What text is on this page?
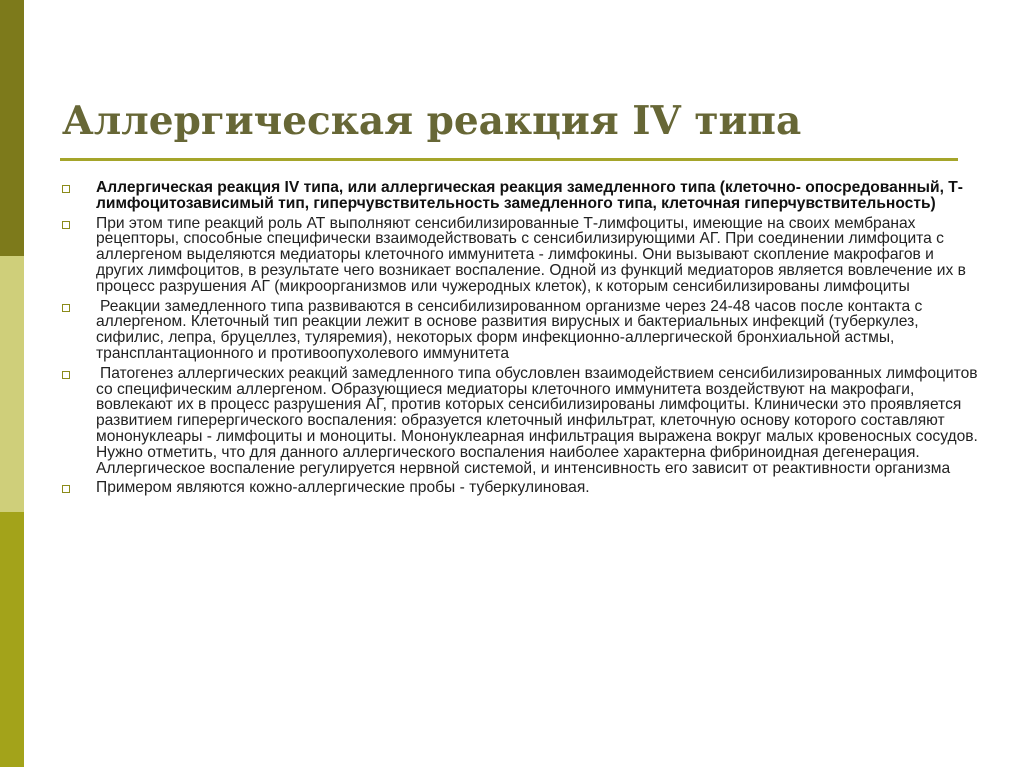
Аллергическая реакция IV типа
Аллергическая реакция IV типа, или аллергическая реакция замедленного типа (клеточно- опосредованный, Т- лимфоцитозависимый тип, гиперчувствительность замедленного типа, клеточная гиперчувствительность)
При этом типе реакций роль АТ выполняют сенсибилизированные Т-лимфоциты, имеющие на своих мембранах рецепторы, способные специфически взаимодействовать с сенсибилизирующими АГ. При соединении лимфоцита с аллергеном выделяются медиаторы клеточного иммунитета - лимфокины. Они вызывают скопление макрофагов и других лимфоцитов, в результате чего возникает воспаление. Одной из функций медиаторов является вовлечение их в процесс разрушения АГ (микроорганизмов или чужеродных клеток), к которым сенсибилизированы лимфоциты
Реакции замедленного типа развиваются в сенсибилизированном организме через 24-48 часов после контакта с аллергеном. Клеточный тип реакции лежит в основе развития вирусных и бактериальных инфекций (туберкулез, сифилис, лепра, бруцеллез, туляремия), некоторых форм инфекционно-аллергической бронхиальной астмы, трансплантационного и противоопухолевого иммунитета
Патогенез аллергических реакций замедленного типа обусловлен взаимодействием сенсибилизированных лимфоцитов со специфическим аллергеном. Образующиеся медиаторы клеточного иммунитета воздействуют на макрофаги, вовлекают их в процесс разрушения АГ, против которых сенсибилизированы лимфоциты. Клинически это проявляется развитием гиперергического воспаления: образуется клеточный инфильтрат, клеточную основу которого составляют мононуклеары - лимфоциты и моноциты. Мононуклеарная инфильтрация выражена вокруг малых кровеносных сосудов. Нужно отметить, что для данного аллергического воспаления наиболее характерна фибриноидная дегенерация. Аллергическое воспаление регулируется нервной системой, и интенсивность его зависит от реактивности организма
Примером являются кожно-аллергические пробы - туберкулиновая.
